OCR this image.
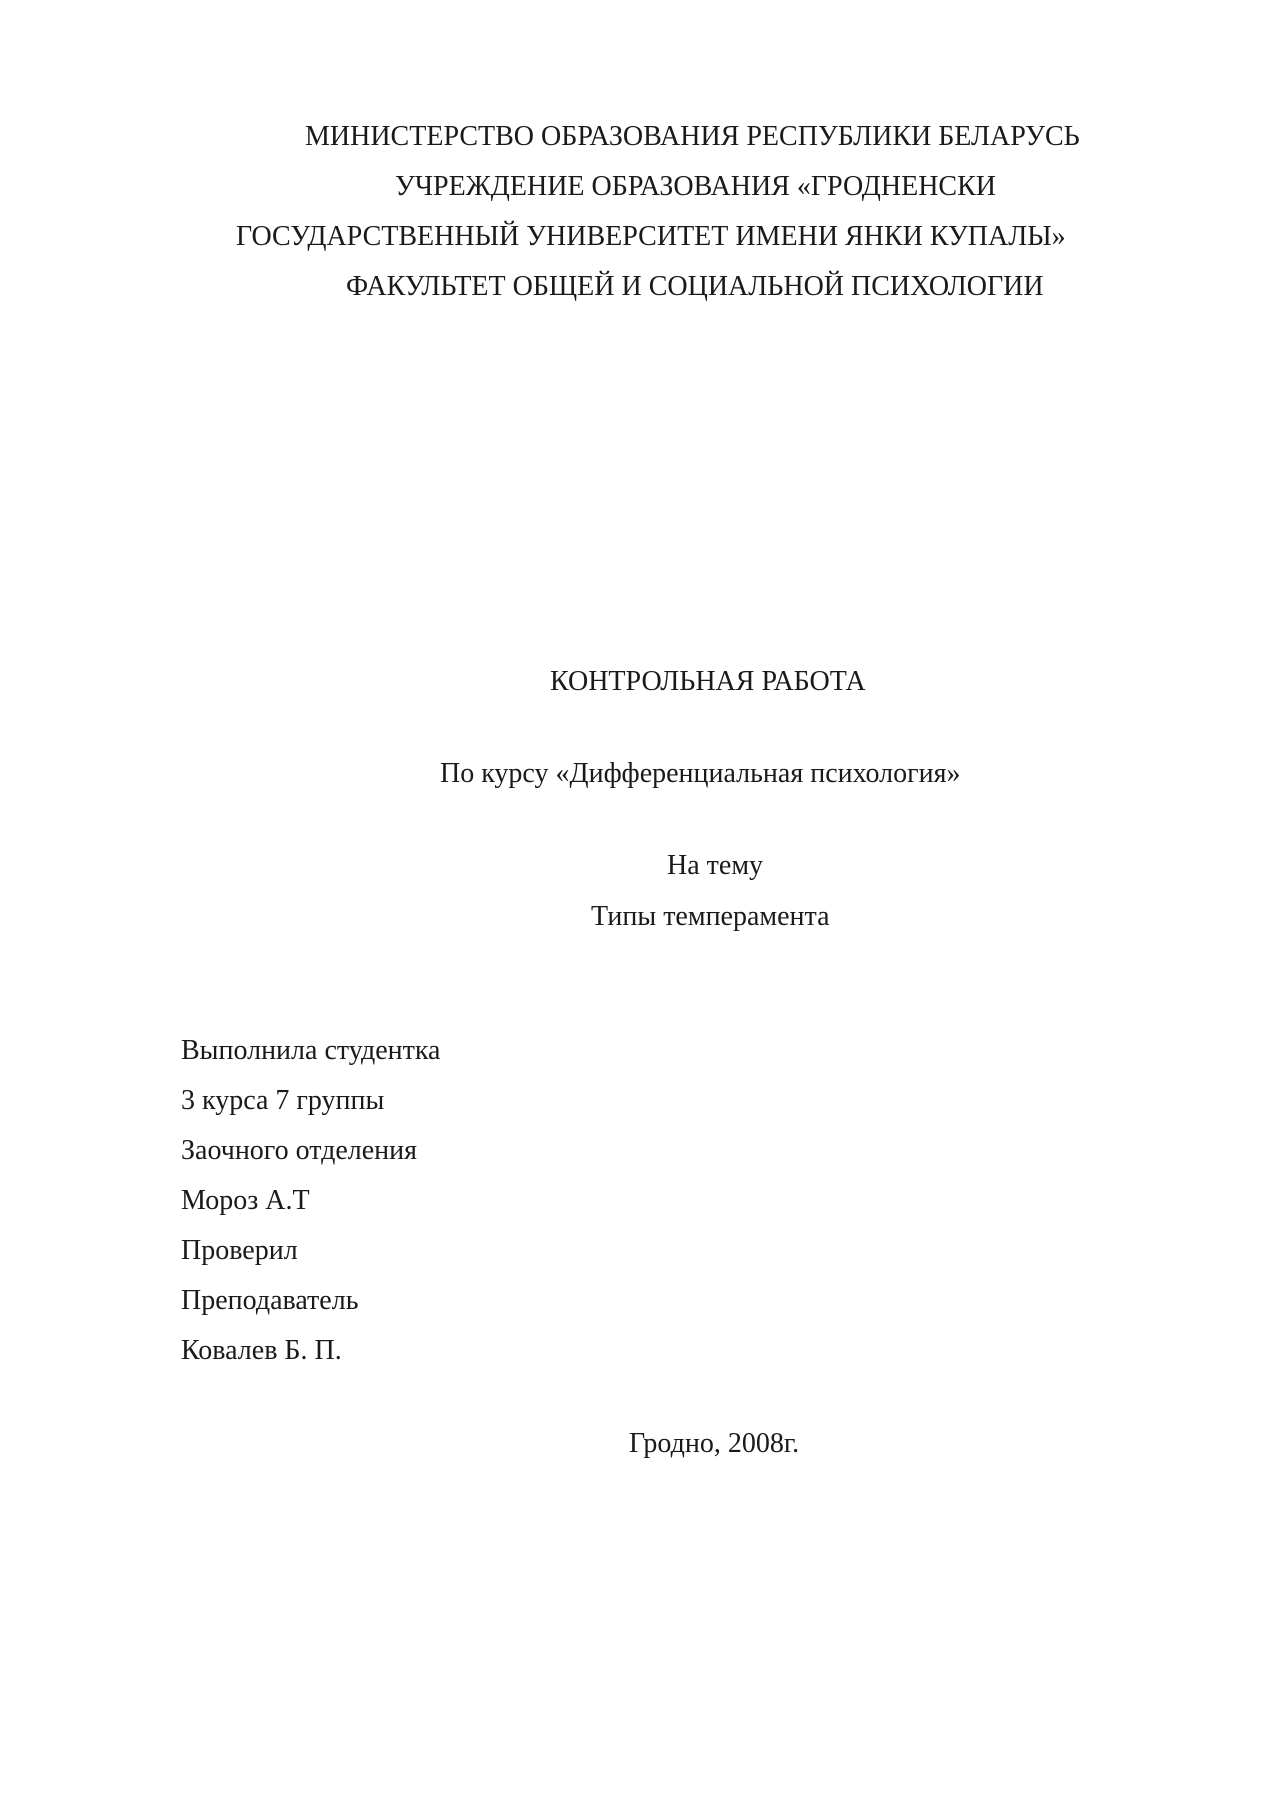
МИНИСТЕРСТВО ОБРАЗОВАНИЯ РЕСПУБЛИКИ БЕЛАРУСЬ

УЧРЕЖДЕНИЕ ОБРАЗОВАНИЯ «ГРОДНЕНСКИ

ГОСУДАРСТВЕННЫЙ УНИВЕРСИТЕТ ИМЕНИ ЯНКИ КУПАЛЫ»

ФАКУЛЬТЕТ ОБЩЕЙ И СОЦИАЛЬНОЙ ПСИХОЛОГИИ

КОНТРОЛЬНАЯ РАБОТА

По курсу «Дифференциальная психология»

На тему

Типы темперамента

Выполнила студентка

3 курса 7 группы

Заочного отделения

Мороз А.Т

Проверил

Преподаватель

Ковалев Б. П.

Гродно, 2008г.
